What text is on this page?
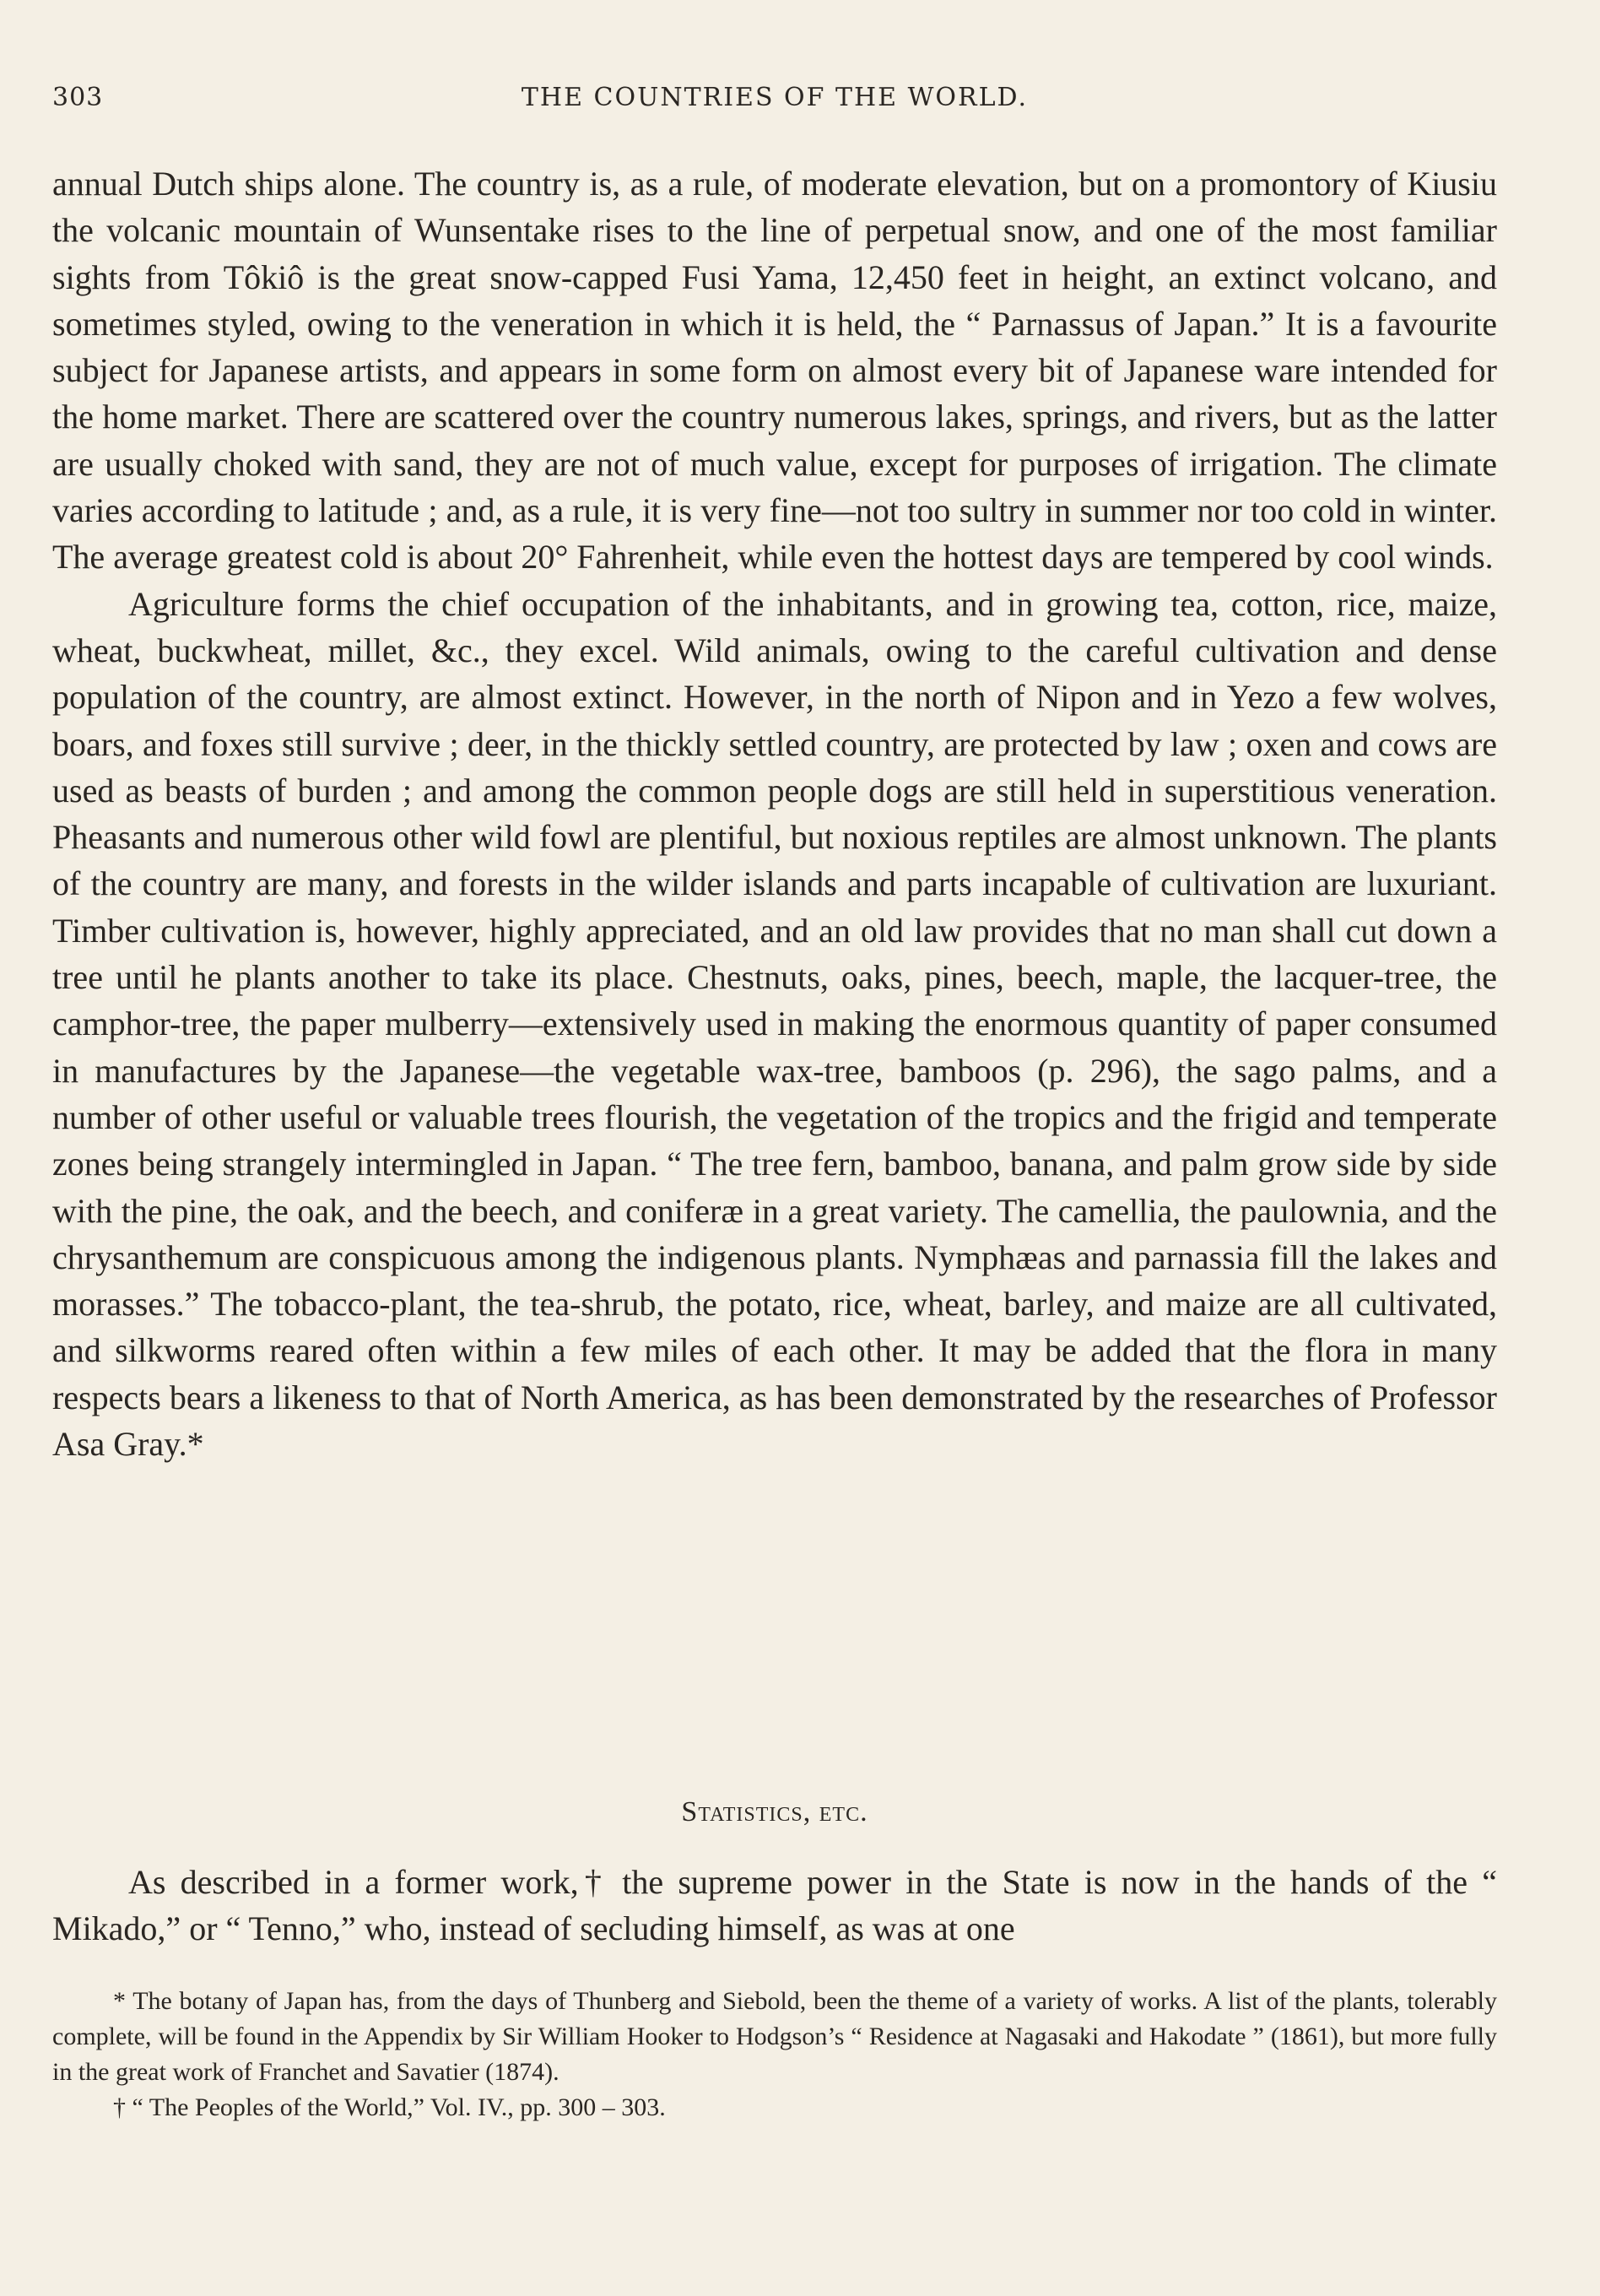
303	THE COUNTRIES OF THE WORLD.

annual Dutch ships alone. The country is, as a rule, of moderate elevation, but on a promontory of Kiusiu the volcanic mountain of Wunsentake rises to the line of perpetual snow, and one of the most familiar sights from Tôkiô is the great snow-capped Fusi Yama, 12,450 feet in height, an extinct volcano, and sometimes styled, owing to the veneration in which it is held, the “ Parnassus of Japan.” It is a favourite subject for Japanese artists, and appears in some form on almost every bit of Japanese ware intended for the home market. There are scattered over the country numerous lakes, springs, and rivers, but as the latter are usually choked with sand, they are not of much value, except for purposes of irrigation. The climate varies according to latitude ; and, as a rule, it is very fine—not too sultry in summer nor too cold in winter. The average greatest cold is about 20° Fahrenheit, while even the hottest days are tempered by cool winds.

Agriculture forms the chief occupation of the inhabitants, and in growing tea, cotton, rice, maize, wheat, buckwheat, millet, &c., they excel. Wild animals, owing to the careful cultivation and dense population of the country, are almost extinct. However, in the north of Nipon and in Yezo a few wolves, boars, and foxes still survive ; deer, in the thickly settled country, are protected by law ; oxen and cows are used as beasts of burden ; and among the common people dogs are still held in superstitious veneration. Pheasants and numerous other wild fowl are plentiful, but noxious reptiles are almost unknown. The plants of the country are many, and forests in the wilder islands and parts incapable of cultivation are luxuriant. Timber cultivation is, however, highly appreciated, and an old law provides that no man shall cut down a tree until he plants another to take its place. Chestnuts, oaks, pines, beech, maple, the lacquer-tree, the camphor-tree, the paper mulberry—extensively used in making the enormous quantity of paper consumed in manufactures by the Japanese—the vegetable wax-tree, bamboos (p. 296), the sago palms, and a number of other useful or valuable trees flourish, the vegetation of the tropics and the frigid and temperate zones being strangely intermingled in Japan. “ The tree fern, bamboo, banana, and palm grow side by side with the pine, the oak, and the beech, and coniferæ in a great variety. The camellia, the paulownia, and the chrysanthemum are conspicuous among the indigenous plants. Nymphæas and parnassia fill the lakes and morasses.” The tobacco-plant, the tea-shrub, the potato, rice, wheat, barley, and maize are all cultivated, and silkworms reared often within a few miles of each other. It may be added that the flora in many respects bears a likeness to that of North America, as has been demonstrated by the researches of Professor Asa Gray.*

Statistics, etc.

As described in a former work,† the supreme power in the State is now in the hands of the “ Mikado,” or “ Tenno,” who, instead of secluding himself, as was at one

* The botany of Japan has, from the days of Thunberg and Siebold, been the theme of a variety of works. A list of the plants, tolerably complete, will be found in the Appendix by Sir William Hooker to Hodgson’s “ Residence at Nagasaki and Hakodate ” (1861), but more fully in the great work of Franchet and Savatier (1874).

† “ The Peoples of the World,” Vol. IV., pp. 300 – 303.
